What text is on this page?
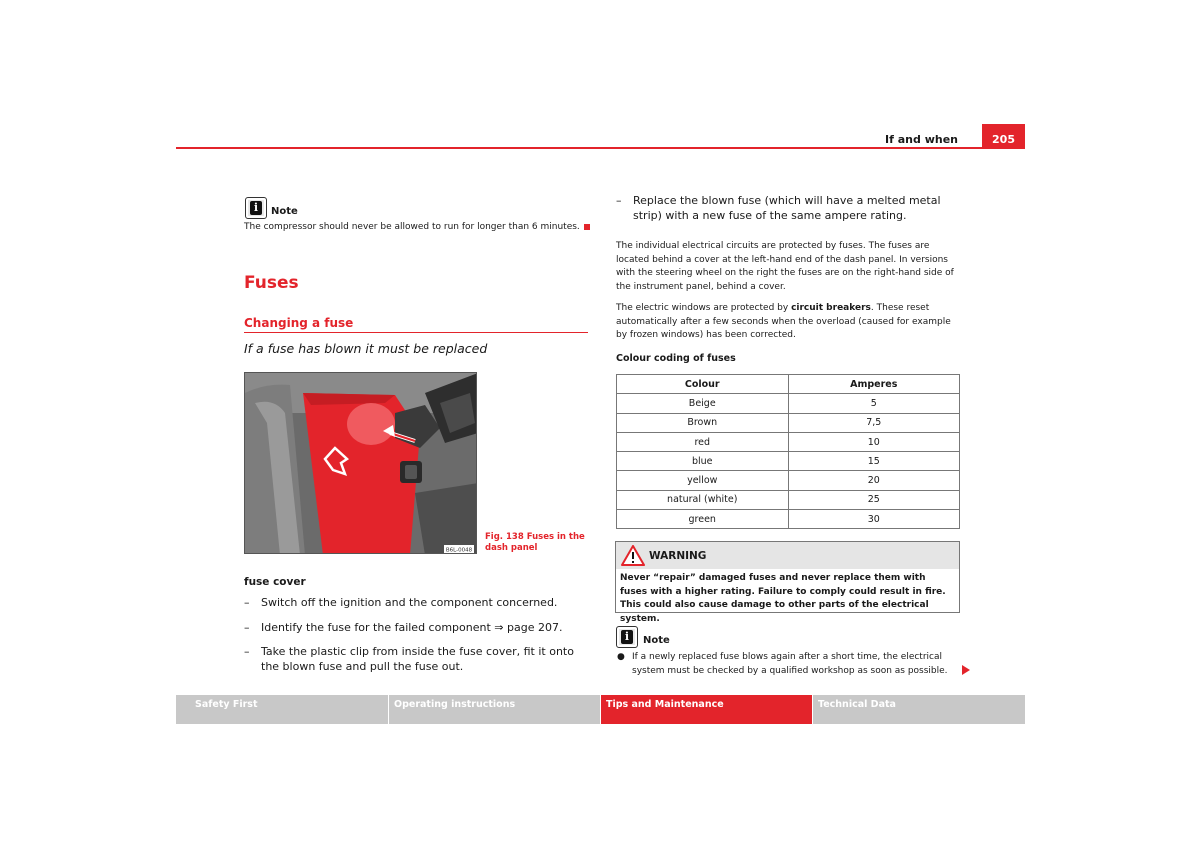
If and when	205
i	Note
The compressor should never be allowed to run for longer than 6 minutes.
Fuses
Changing a fuse
If a fuse has blown it must be replaced
B6L-0048
Fig. 138 Fuses in the dash panel
fuse cover
– Switch off the ignition and the component concerned.
– Identify the fuse for the failed component ⇒ page 207.
– Take the plastic clip from inside the fuse cover, fit it onto the blown fuse and pull the fuse out.
– Replace the blown fuse (which will have a melted metal strip) with a new fuse of the same ampere rating.
The individual electrical circuits are protected by fuses. The fuses are located behind a cover at the left-hand end of the dash panel. In versions with the steering wheel on the right the fuses are on the right-hand side of the instrument panel, behind a cover.
The electric windows are protected by circuit breakers. These reset automatically after a few seconds when the overload (caused for example by frozen windows) has been corrected.
Colour coding of fuses
Colour	Amperes
Beige	5
Brown	7,5
red	10
blue	15
yellow	20
natural (white)	25
green	30
WARNING
Never “repair” damaged fuses and never replace them with fuses with a higher rating. Failure to comply could result in fire. This could also cause damage to other parts of the electrical system.
i	Note
● If a newly replaced fuse blows again after a short time, the electrical system must be checked by a qualified workshop as soon as possible.
Safety First	Operating instructions	Tips and Maintenance	Technical Data
